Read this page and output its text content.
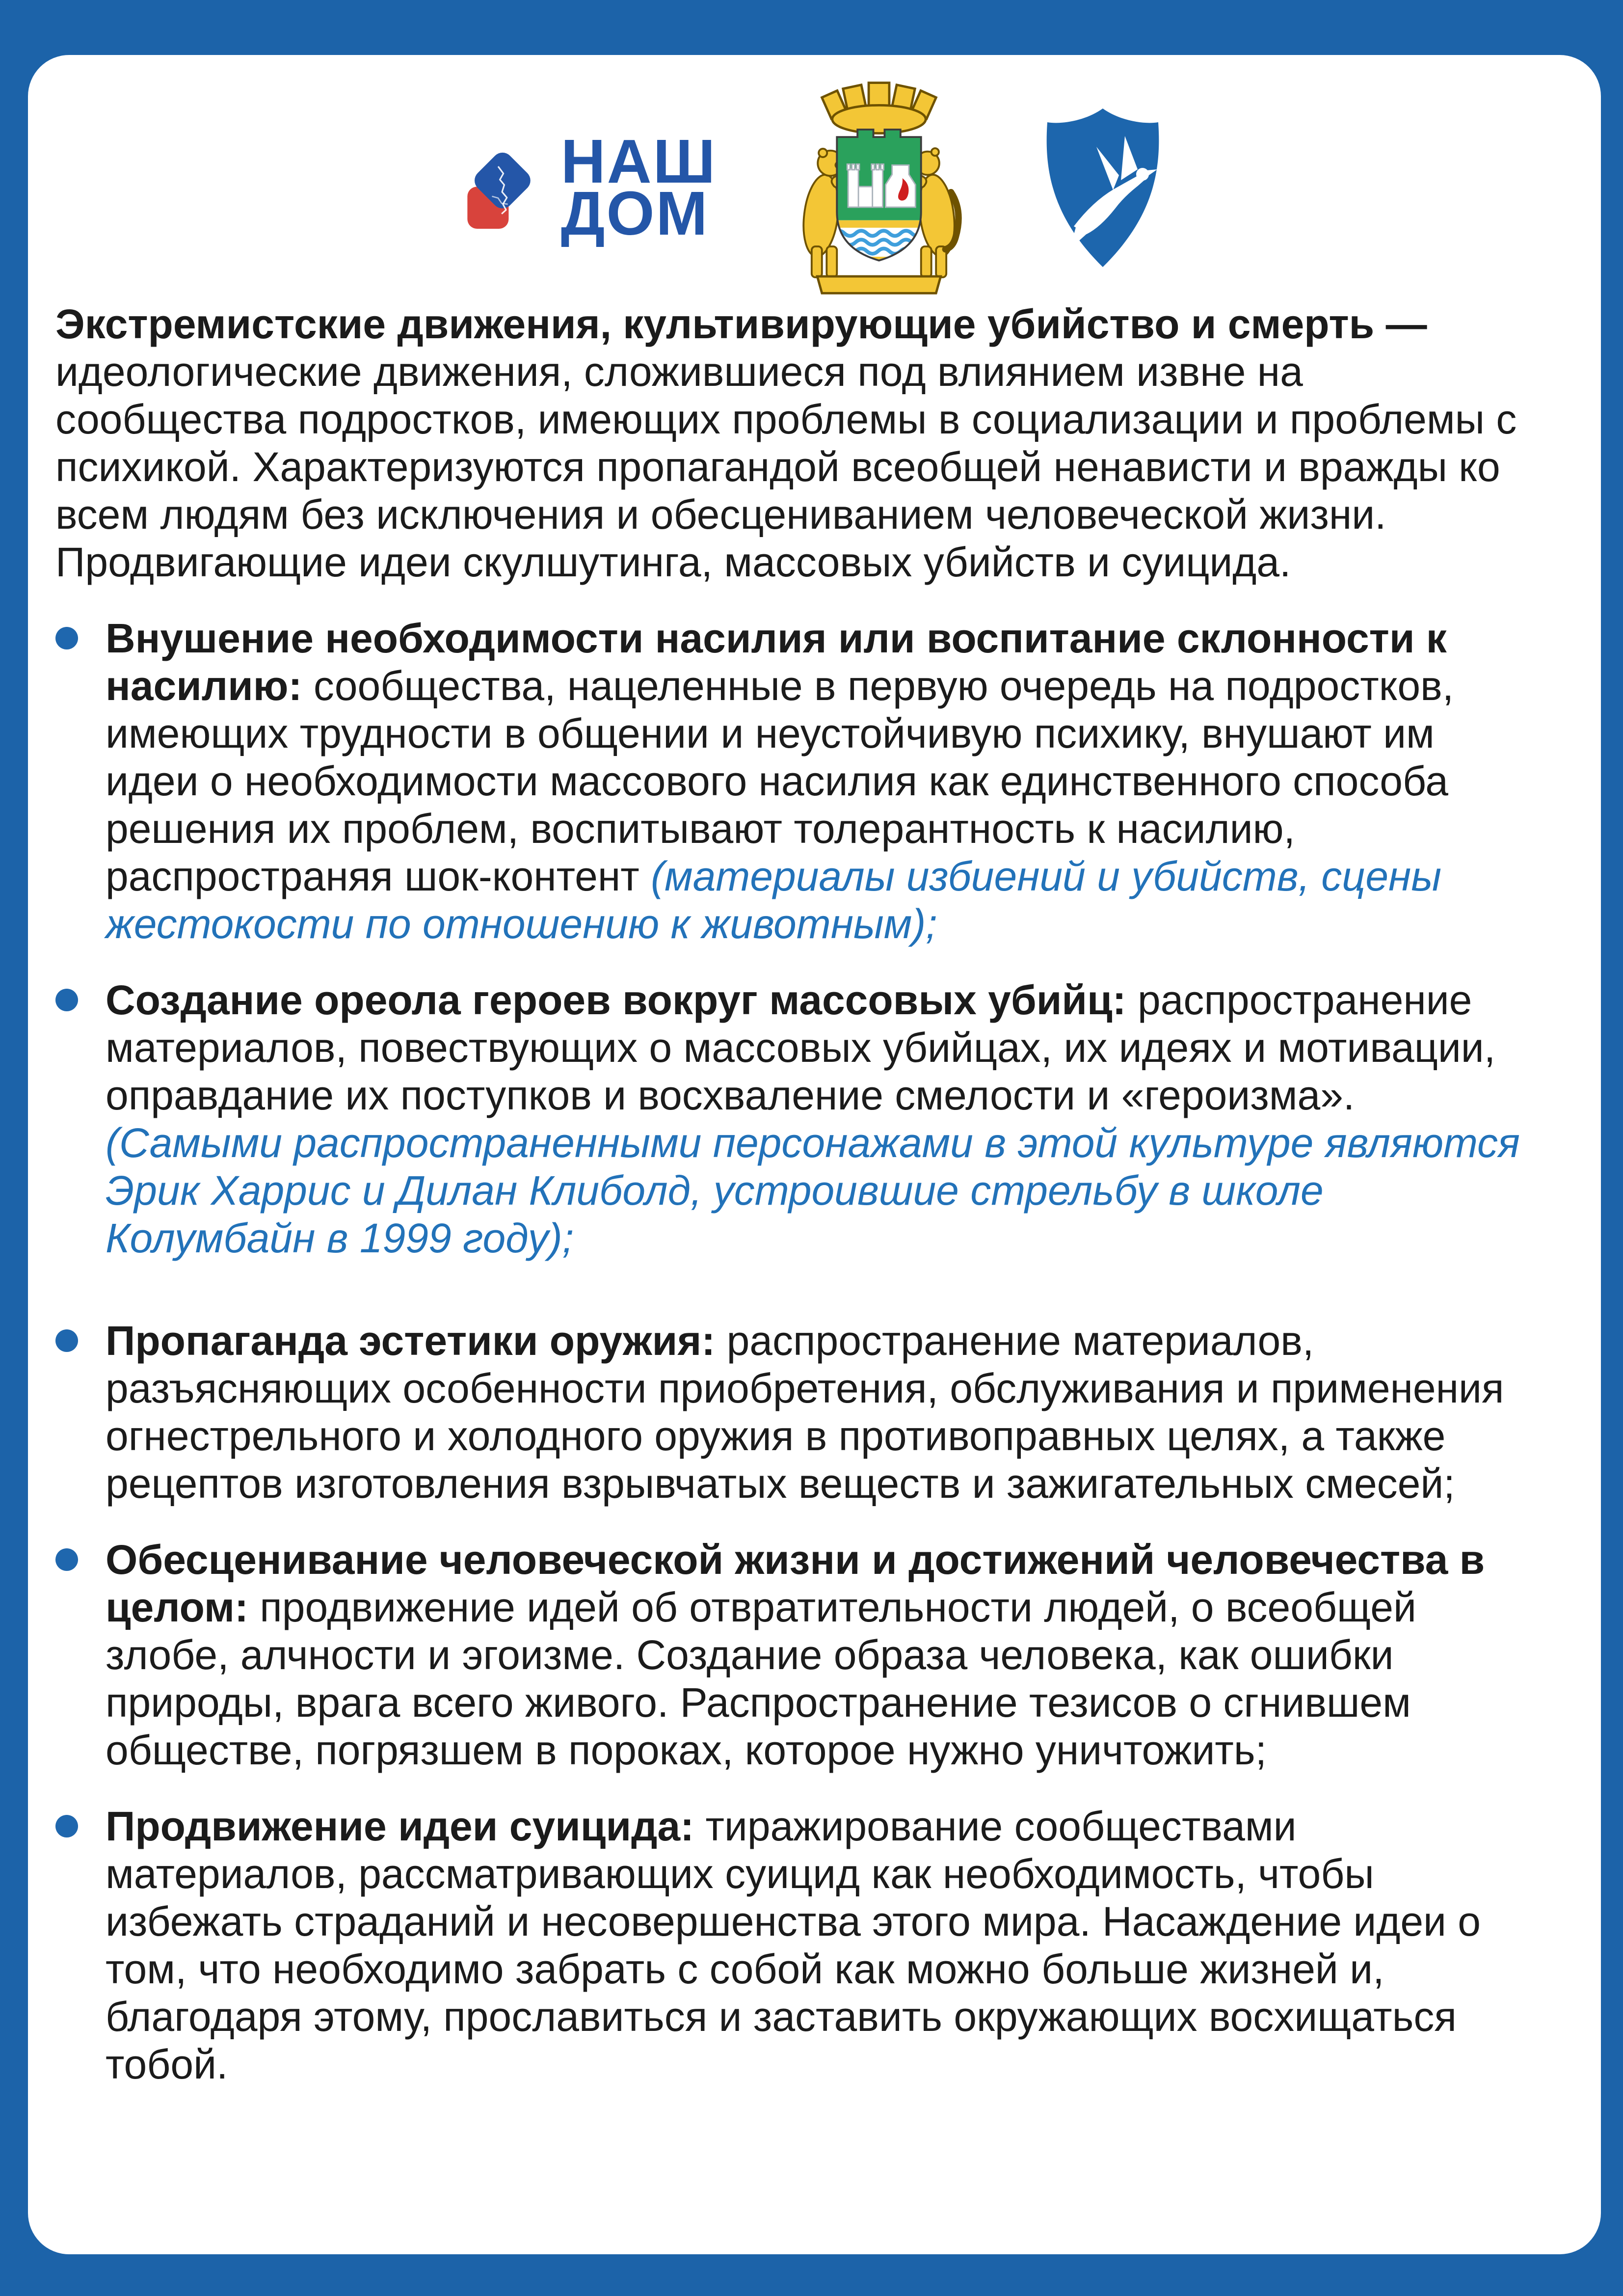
НАШ
ДОМ

Экстремистские движения, культивирующие убийство и смерть — идеологические движения, сложившиеся под влиянием извне на сообщества подростков, имеющих проблемы в социализации и проблемы с психикой. Характеризуются пропагандой всеобщей ненависти и вражды ко всем людям без исключения и обесцениванием человеческой жизни. Продвигающие идеи скулшутинга, массовых убийств и суицида.

Внушение необходимости насилия или воспитание склонности к насилию: сообщества, нацеленные в первую очередь на подростков, имеющих трудности в общении и неустойчивую психику, внушают им идеи о необходимости массового насилия как единственного способа решения их проблем, воспитывают толерантность к насилию, распространяя шок-контент (материалы избиений и убийств, сцены жестокости по отношению к животным);
Создание ореола героев вокруг массовых убийц: распространение материалов, повествующих о массовых убийцах, их идеях и мотивации, оправдание их поступков и восхваление смелости и «героизма».
(Самыми распространенными персонажами в этой культуре являются Эрик Харрис и Дилан Клиболд, устроившие стрельбу в школе Колумбайн в 1999 году);
Пропаганда эстетики оружия: распространение материалов, разъясняющих особенности приобретения, обслуживания и применения огнестрельного и холодного оружия в противоправных целях, а также рецептов изготовления взрывчатых веществ и зажигательных смесей;
Обесценивание человеческой жизни и достижений человечества в целом: продвижение идей об отвратительности людей, о всеобщей злобе, алчности и эгоизме. Создание образа человека, как ошибки природы, врага всего живого. Распространение тезисов о сгнившем обществе, погрязшем в пороках, которое нужно уничтожить;
Продвижение идеи суицида: тиражирование сообществами материалов, рассматривающих суицид как необходимость, чтобы избежать страданий и несовершенства этого мира. Насаждение идеи о том, что необходимо забрать с собой как можно больше жизней и, благодаря этому, прославиться и заставить окружающих восхищаться тобой.
